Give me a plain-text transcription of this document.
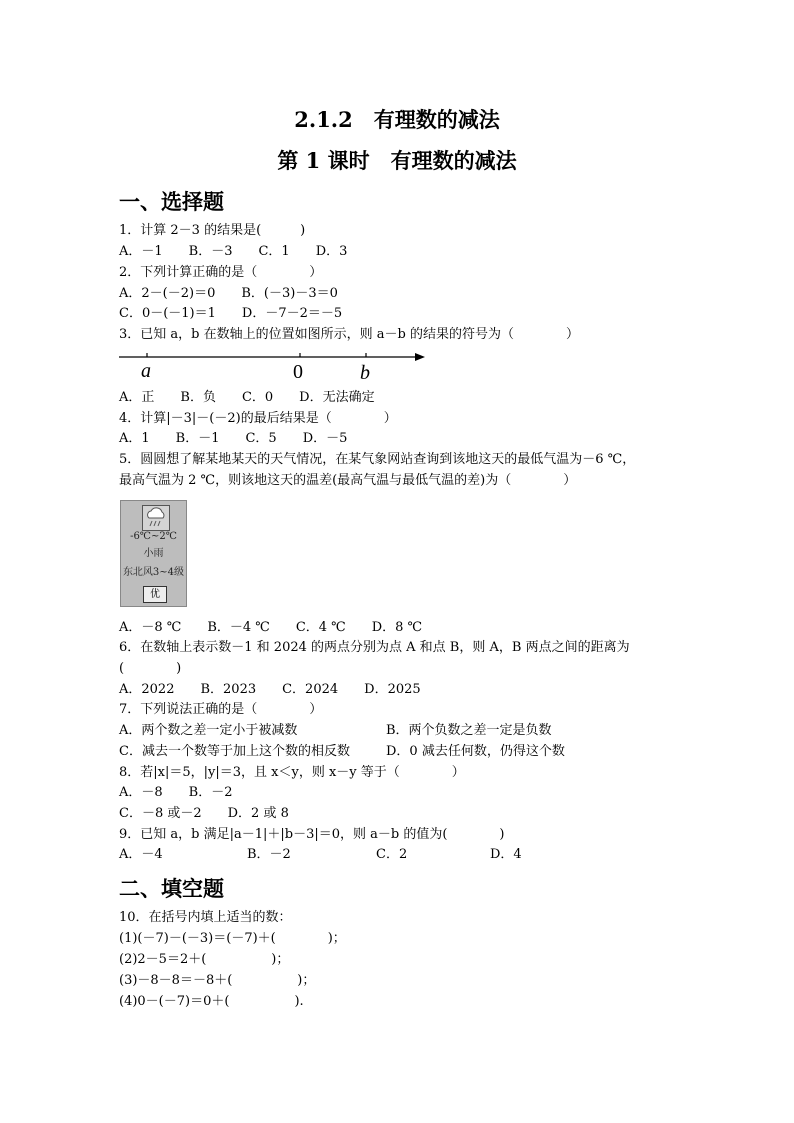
2.1.2　有理数的减法
第 1 课时　有理数的减法
一、选择题
1．计算 2－3 的结果是(　　　)
A．－1　　B．－3　　C．1　　D．3
2．下列计算正确的是（　　　　）
A．2－(－2)＝0　　B．(－3)－3＝0
C．0－(－1)＝1　　D．－7－2＝－5
3．已知 a，b 在数轴上的位置如图所示，则 a－b 的结果的符号为（　　　　）
a	0	b
A．正　　B．负　　C．0　　D．无法确定
4．计算|－3|－(－2)的最后结果是（　　　　）
A．1　　B．－1　　C．5　　D．－5
5．圆圆想了解某地某天的天气情况，在某气象网站查询到该地这天的最低气温为－6 ℃，
最高气温为 2 ℃，则该地这天的温差(最高气温与最低气温的差)为（　　　　）
-6℃~2℃
小雨
东北风3~4级
优
A．－8 ℃　　B．－4 ℃　　C．4 ℃　　D．8 ℃
6．在数轴上表示数－1 和 2024 的两点分别为点 A 和点 B，则 A，B 两点之间的距离为
(　　　　)
A．2022　　B．2023　　C．2024　　D．2025
7．下列说法正确的是（　　　　）
A．两个数之差一定小于被减数	B．两个负数之差一定是负数
C．减去一个数等于加上这个数的相反数	D．0 减去任何数，仍得这个数
8．若|x|＝5，|y|＝3，且 x＜y，则 x－y 等于（　　　　）
A．－8　　B．－2
C．－8 或－2　　D．2 或 8
9．已知 a，b 满足|a－1|＋|b－3|＝0，则 a－b 的值为(　　　　)
A．－4	B．－2	C．2	D．4
二、填空题
10．在括号内填上适当的数：
(1)(－7)－(－3)＝(－7)＋(　　　　)；
(2)2－5＝2＋(　　　　　)；
(3)－8－8＝－8＋(　　　　　)；
(4)0－(－7)＝0＋(　　　　　).
